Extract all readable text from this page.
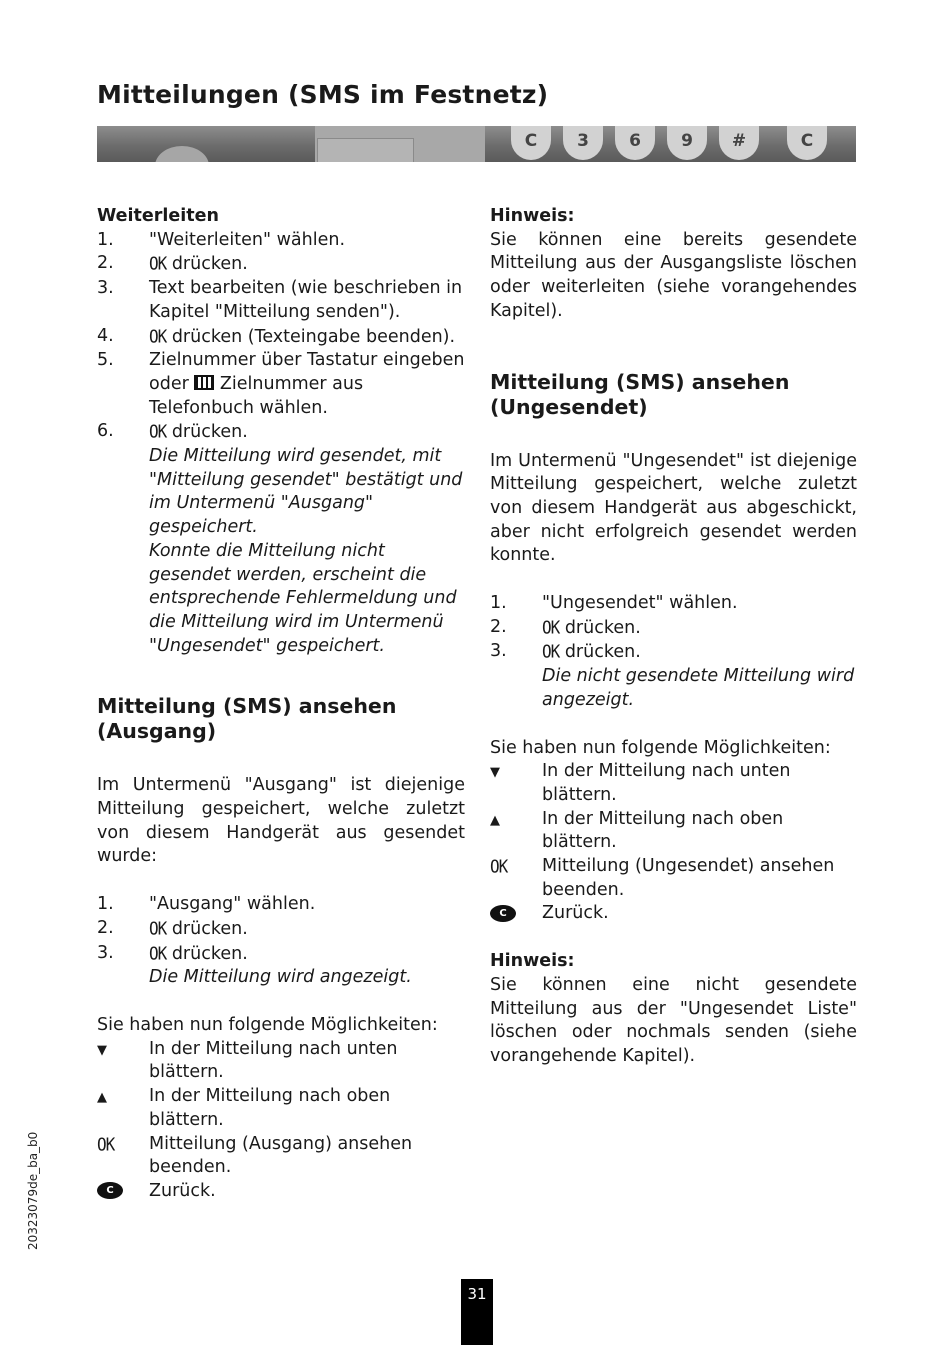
Mitteilungen (SMS im Festnetz)
C	3	6	9	#	C

Weiterleiten

1.	"Weiterleiten" wählen.
2.	OK drücken.
3.	Text bearbeiten (wie beschrieben in Kapitel "Mitteilung senden").
4.	OK drücken (Texteingabe beenden).
5.	Zielnummer über Tastatur eingeben oder  Zielnummer aus Telefonbuch wählen.
6.	OK drücken.
Die Mitteilung wird gesendet, mit "Mitteilung gesendet" bestätigt und im Untermenü "Ausgang" gespeichert.
Konnte die Mitteilung nicht gesendet werden, erscheint die entsprechende Fehlermeldung und die Mitteilung wird im Untermenü "Ungesendet" gespeichert.

Mitteilung (SMS) ansehen (Ausgang)

Im Untermenü "Ausgang" ist diejenige Mitteilung gespeichert, welche zuletzt von diesem Handgerät aus gesendet wurde:

1.	"Ausgang" wählen.
2.	OK drücken.
3.	OK drücken.
Die Mitteilung wird angezeigt.

Sie haben nun folgende Möglichkeiten:

▼	In der Mitteilung nach unten blättern.
▲	In der Mitteilung nach oben blättern.
OK	Mitteilung (Ausgang) ansehen beenden.
C	Zurück.

Hinweis:

Sie können eine bereits gesendete Mitteilung aus der Ausgangsliste löschen oder weiterleiten (siehe vorangehendes Kapitel).

Mitteilung (SMS) ansehen (Ungesendet)

Im Untermenü "Ungesendet" ist diejenige Mitteilung gespeichert, welche zuletzt von diesem Handgerät aus abgeschickt, aber nicht erfolgreich gesendet werden konnte.

1.	"Ungesendet" wählen.
2.	OK drücken.
3.	OK drücken.
Die nicht gesendete Mitteilung wird angezeigt.

Sie haben nun folgende Möglichkeiten:

▼	In der Mitteilung nach unten blättern.
▲	In der Mitteilung nach oben blättern.
OK	Mitteilung (Ungesendet) ansehen beenden.
C	Zurück.

Hinweis:

Sie können eine nicht gesendete Mitteilung aus der "Ungesendet Liste" löschen oder nochmals senden (siehe vorangehende Kapitel).

20323079de_ba_b0
31
